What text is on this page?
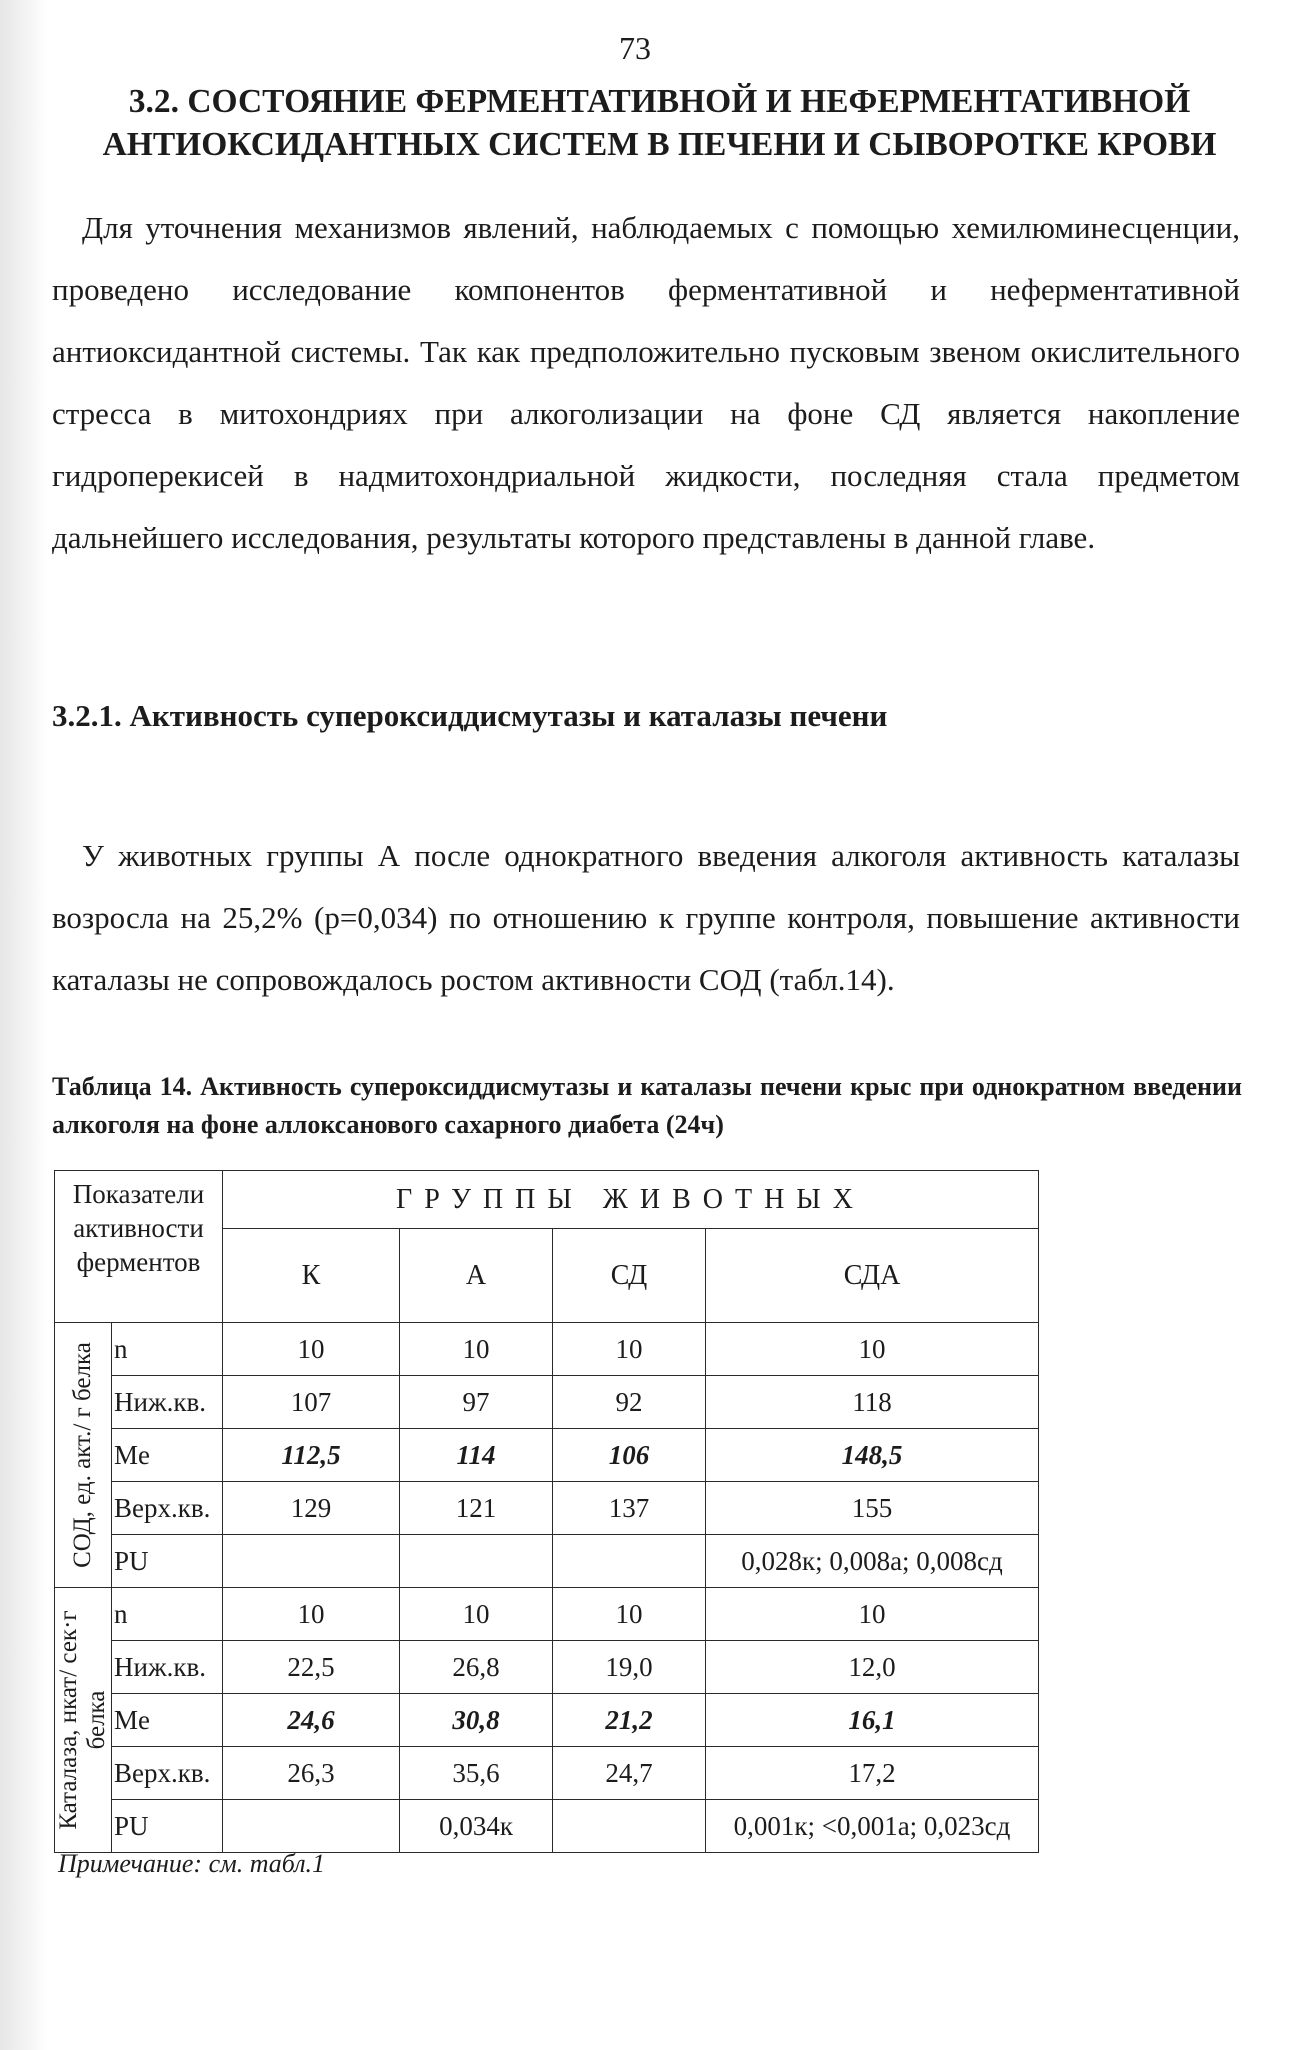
73
3.2. СОСТОЯНИЕ ФЕРМЕНТАТИВНОЙ И НЕФЕРМЕНТАТИВНОЙ
АНТИОКСИДАНТНЫХ СИСТЕМ В ПЕЧЕНИ И СЫВОРОТКЕ КРОВИ
Для уточнения механизмов явлений, наблюдаемых с помощью хемилюминесценции, проведено исследование компонентов ферментативной и неферментативной антиоксидантной системы. Так как предположительно пусковым звеном окислительного стресса в митохондриях при алкоголизации на фоне СД является накопление гидроперекисей в надмитохондриальной жидкости, последняя стала предметом дальнейшего исследования, результаты которого представлены в данной главе.
3.2.1. Активность супероксиддисмутазы и каталазы печени
У животных группы А после однократного введения алкоголя активность каталазы возросла на 25,2% (р=0,034) по отношению к группе контроля, повышение активности каталазы не сопровождалось ростом активности СОД (табл.14).
Таблица 14. Активность супероксиддисмутазы и каталазы печени крыс при однократном введении алкоголя на фоне аллоксанового сахарного диабета (24ч)
Показатели активности ферментов		ГРУППЫ ЖИВОТНЫХ			
		К	А	СД	СДА

СОД, ед. акт./ г белка	n	10	10	10	10
	Ниж.кв.	107	97	92	118
	Me	112,5	114	106	148,5
	Верх.кв.	129	121	137	155
	PU				0,028к; 0,008а; 0,008сд

Каталаза, нкат/ сек·г белка	n	10	10	10	10
	Ниж.кв.	22,5	26,8	19,0	12,0
	Me	24,6	30,8	21,2	16,1
	Верх.кв.	26,3	35,6	24,7	17,2
	PU		0,034к		0,001к; <0,001а; 0,023сд
Примечание: см. табл.1
